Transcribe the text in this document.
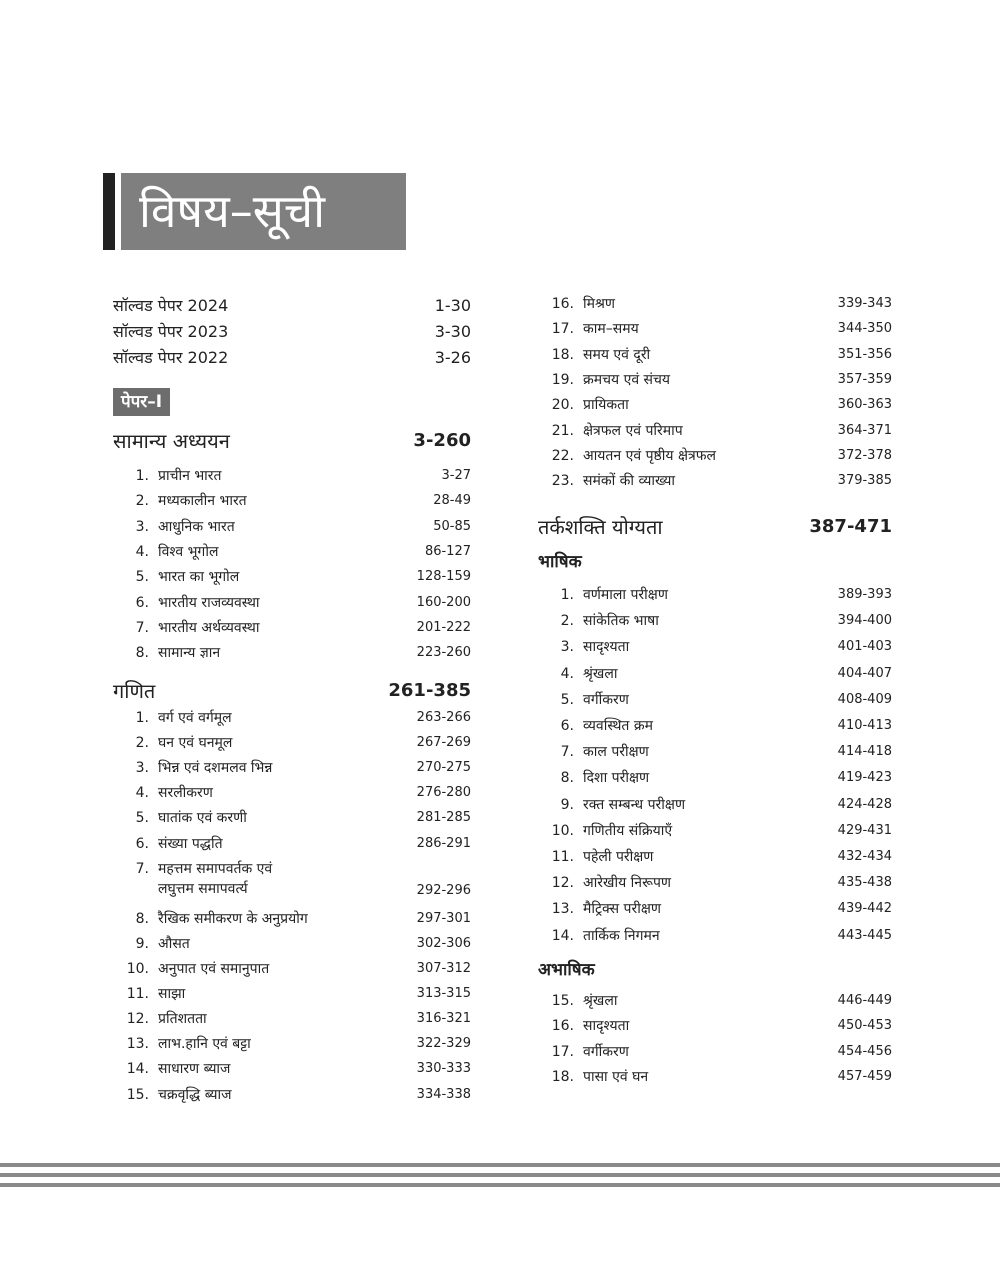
विषय–सूची
सॉल्वड पेपर 2024	1-30
सॉल्वड पेपर 2023	3-30
सॉल्वड पेपर 2022	3-26
पेपर–I
सामान्य अध्ययन	3-260
1. प्राचीन भारत	3-27
2. मध्यकालीन भारत	28-49
3. आधुनिक भारत	50-85
4. विश्व भूगोल	86-127
5. भारत का भूगोल	128-159
6. भारतीय राजव्यवस्था	160-200
7. भारतीय अर्थव्यवस्था	201-222
8. सामान्य ज्ञान	223-260
गणित	261-385
1. वर्ग एवं वर्गमूल	263-266
2. घन एवं घनमूल	267-269
3. भिन्न एवं दशमलव भिन्न	270-275
4. सरलीकरण	276-280
5. घातांक एवं करणी	281-285
6. संख्या पद्धति	286-291
7. महत्तम समापवर्तक एवं
लघुत्तम समापवर्त्य	292-296
8. रैखिक समीकरण के अनुप्रयोग	297-301
9. औसत	302-306
10. अनुपात एवं समानुपात	307-312
11. साझा	313-315
12. प्रतिशतता	316-321
13. लाभ.हानि एवं बट्टा	322-329
14. साधारण ब्याज	330-333
15. चक्रवृद्धि ब्याज	334-338
16. मिश्रण	339-343
17. काम–समय	344-350
18. समय एवं दूरी	351-356
19. क्रमचय एवं संचय	357-359
20. प्रायिकता	360-363
21. क्षेत्रफल एवं परिमाप	364-371
22. आयतन एवं पृष्ठीय क्षेत्रफल	372-378
23. समंकों की व्याख्या	379-385
तर्कशक्ति योग्यता	387-471
भाषिक
1. वर्णमाला परीक्षण	389-393
2. सांकेतिक भाषा	394-400
3. सादृश्यता	401-403
4. श्रृंखला	404-407
5. वर्गीकरण	408-409
6. व्यवस्थित क्रम	410-413
7. काल परीक्षण	414-418
8. दिशा परीक्षण	419-423
9. रक्त सम्बन्ध परीक्षण	424-428
10. गणितीय संक्रियाएँ	429-431
11. पहेली परीक्षण	432-434
12. आरेखीय निरूपण	435-438
13. मैट्रिक्स परीक्षण	439-442
14. तार्किक निगमन	443-445
अभाषिक
15. श्रृंखला	446-449
16. सादृश्यता	450-453
17. वर्गीकरण	454-456
18. पासा एवं घन	457-459
